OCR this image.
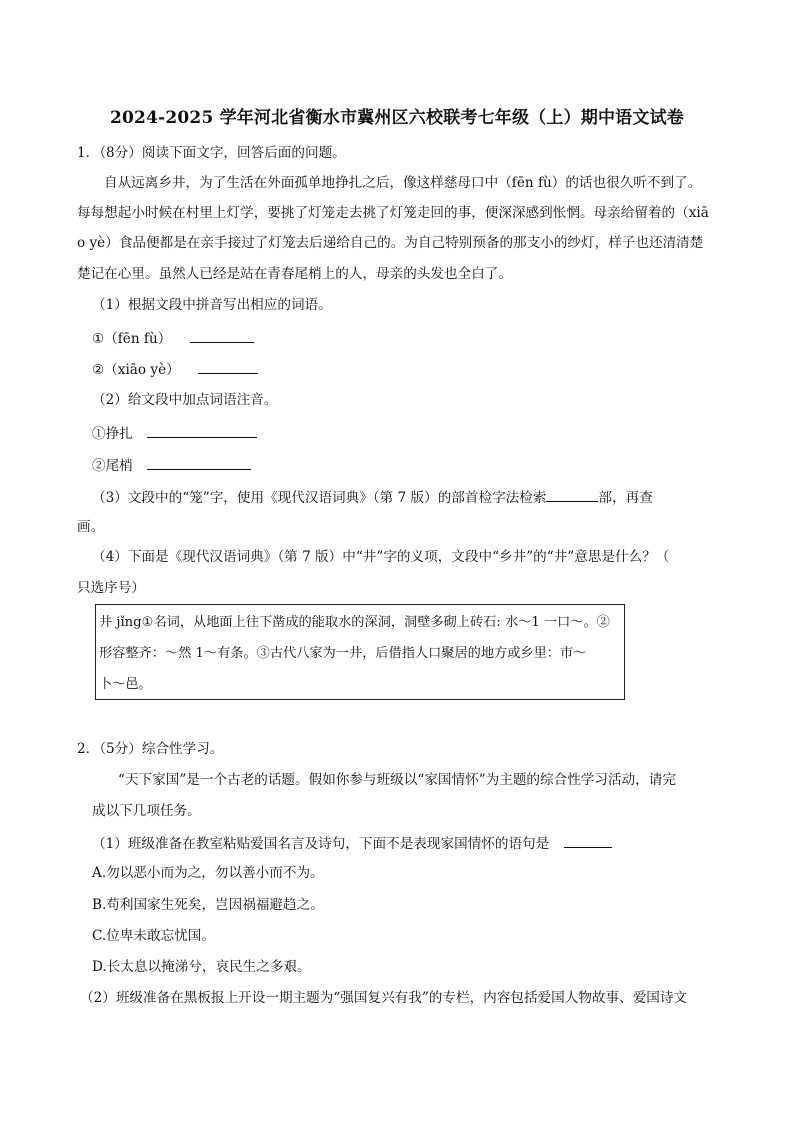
2024-2025 学年河北省衡水市冀州区六校联考七年级（上）期中语文试卷
1．（8分）阅读下面文字，回答后面的问题。
自从远离乡井，为了生活在外面孤单地挣扎之后，像这样慈母口中（fēn fù）的话也很久听不到了。
每每想起小时候在村里上灯学，要挑了灯笼走去挑了灯笼走回的事，便深深感到怅惘。母亲给留着的（xiā
o yè）食品便都是在亲手接过了灯笼去后递给自己的。为自己特别预备的那支小的纱灯，样子也还清清楚
楚记在心里。虽然人已经是站在青春尾梢上的人，母亲的头发也全白了。
（1）根据文段中拼音写出相应的词语。
①（fēn fù）
②（xiāo yè）
（2）给文段中加点词语注音。
①挣扎
②尾梢
（3）文段中的“笼”字，使用《现代汉语词典》（第 7 版）的部首检字法检索	部，再查
画。
（4）下面是《现代汉语词典》（第 7 版）中“井”字的义项，文段中“乡井”的“井”意思是什么？（
只选序号）
井 jǐng①名词，从地面上往下凿成的能取水的深洞，洞壁多砌上砖石: 水～1 一口～。②
形容整齐：～然 1～有条。③古代八家为一井，后借指人口聚居的地方或乡里：市～
卜～邑。
2．（5分）综合性学习。
“天下家国”是一个古老的话题。假如你参与班级以“家国情怀”为主题的综合性学习活动，请完
成以下几项任务。
（1）班级准备在教室粘贴爱国名言及诗句，下面不是表现家国情怀的语句是
A.勿以恶小而为之，勿以善小而不为。
B.苟利国家生死矣，岂因祸福避趋之。
C.位卑未敢忘忧国。
D.长太息以掩涕兮，哀民生之多艰。
（2）班级准备在黑板报上开设一期主题为“强国复兴有我”的专栏，内容包括爱国人物故事、爱国诗文
